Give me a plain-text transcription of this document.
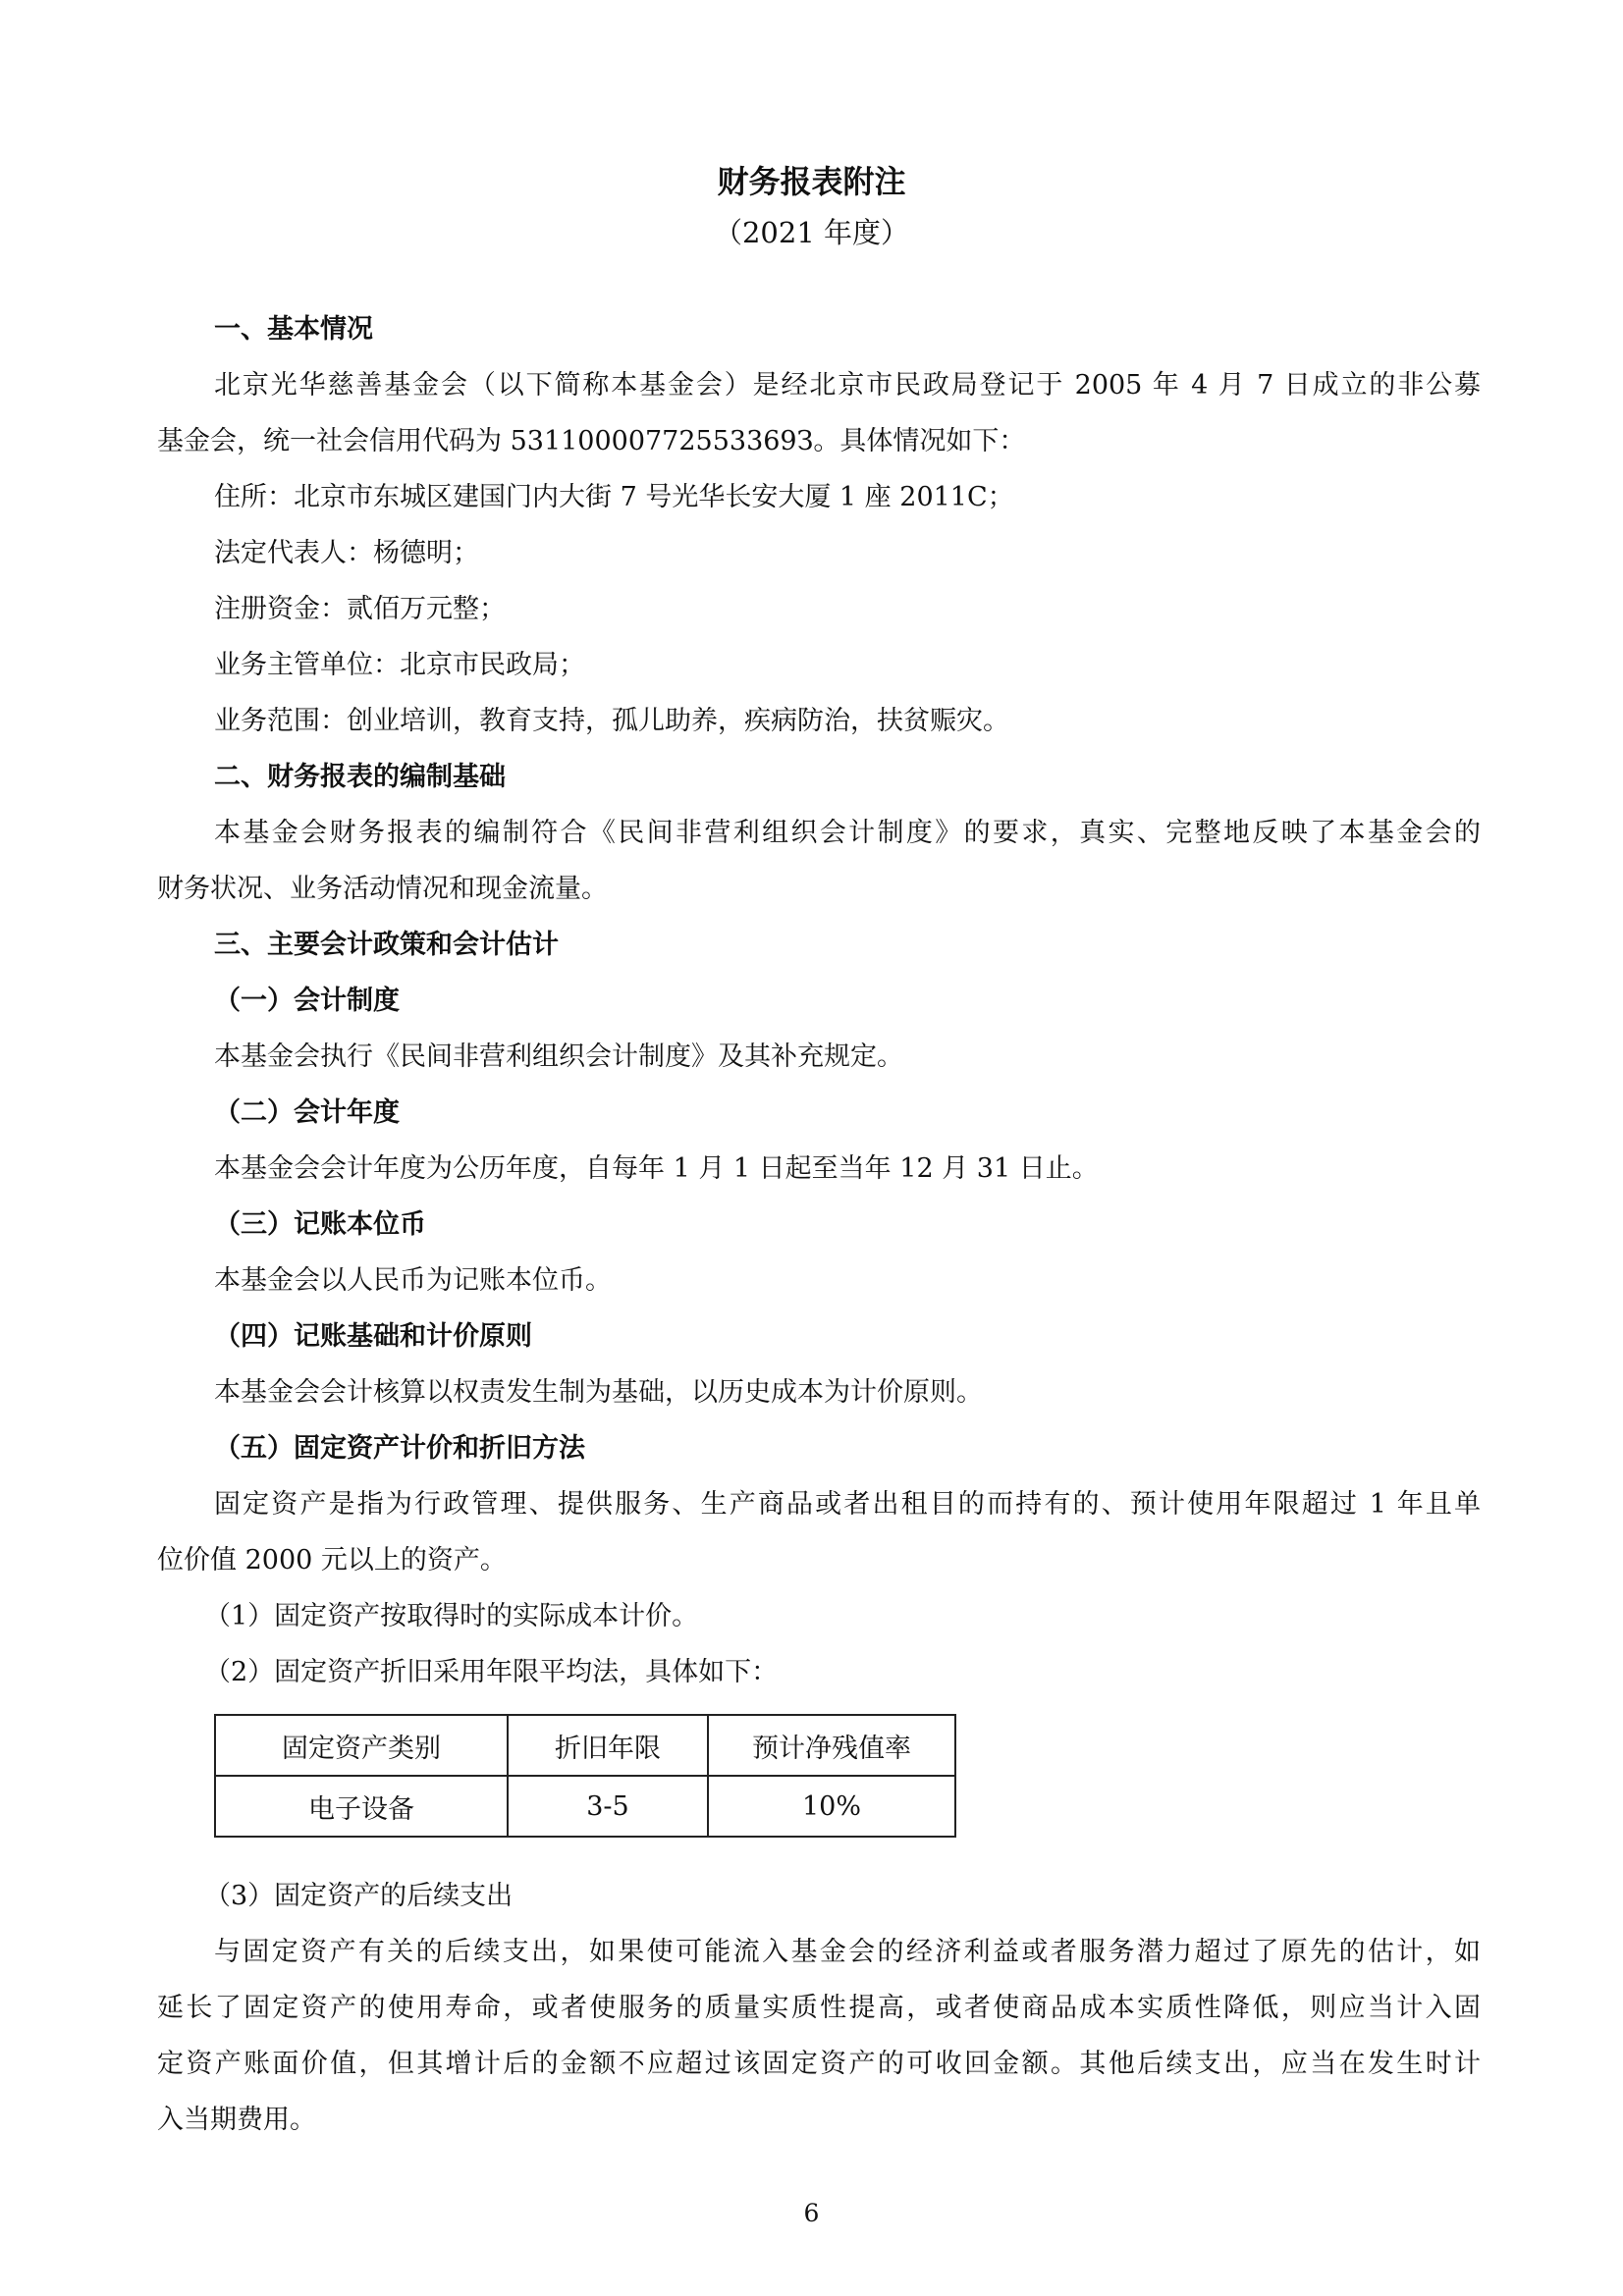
财务报表附注
（2021 年度）
一、基本情况
北京光华慈善基金会（以下简称本基金会）是经北京市民政局登记于 2005 年 4 月 7 日成立的非公募
基金会，统一社会信用代码为 53110000772553369З。具体情况如下：
住所：北京市东城区建国门内大街 7 号光华长安大厦 1 座 2011C；
法定代表人：杨德明；
注册资金：贰佰万元整；
业务主管单位：北京市民政局；
业务范围：创业培训，教育支持，孤儿助养，疾病防治，扶贫赈灾。
二、财务报表的编制基础
本基金会财务报表的编制符合《民间非营利组织会计制度》的要求，真实、完整地反映了本基金会的
财务状况、业务活动情况和现金流量。
三、主要会计政策和会计估计
（一）会计制度
本基金会执行《民间非营利组织会计制度》及其补充规定。
（二）会计年度
本基金会会计年度为公历年度，自每年 1 月 1 日起至当年 12 月 31 日止。
（三）记账本位币
本基金会以人民币为记账本位币。
（四）记账基础和计价原则
本基金会会计核算以权责发生制为基础，以历史成本为计价原则。
（五）固定资产计价和折旧方法
固定资产是指为行政管理、提供服务、生产商品或者出租目的而持有的、预计使用年限超过 1 年且单
位价值 2000 元以上的资产。
（1）固定资产按取得时的实际成本计价。
（2）固定资产折旧采用年限平均法，具体如下：
固定资产类别	折旧年限	预计净残值率
电子设备	3-5	10%
（3）固定资产的后续支出
与固定资产有关的后续支出，如果使可能流入基金会的经济利益或者服务潜力超过了原先的估计，如
延长了固定资产的使用寿命，或者使服务的质量实质性提高，或者使商品成本实质性降低，则应当计入固
定资产账面价值，但其增计后的金额不应超过该固定资产的可收回金额。其他后续支出，应当在发生时计
入当期费用。
6
